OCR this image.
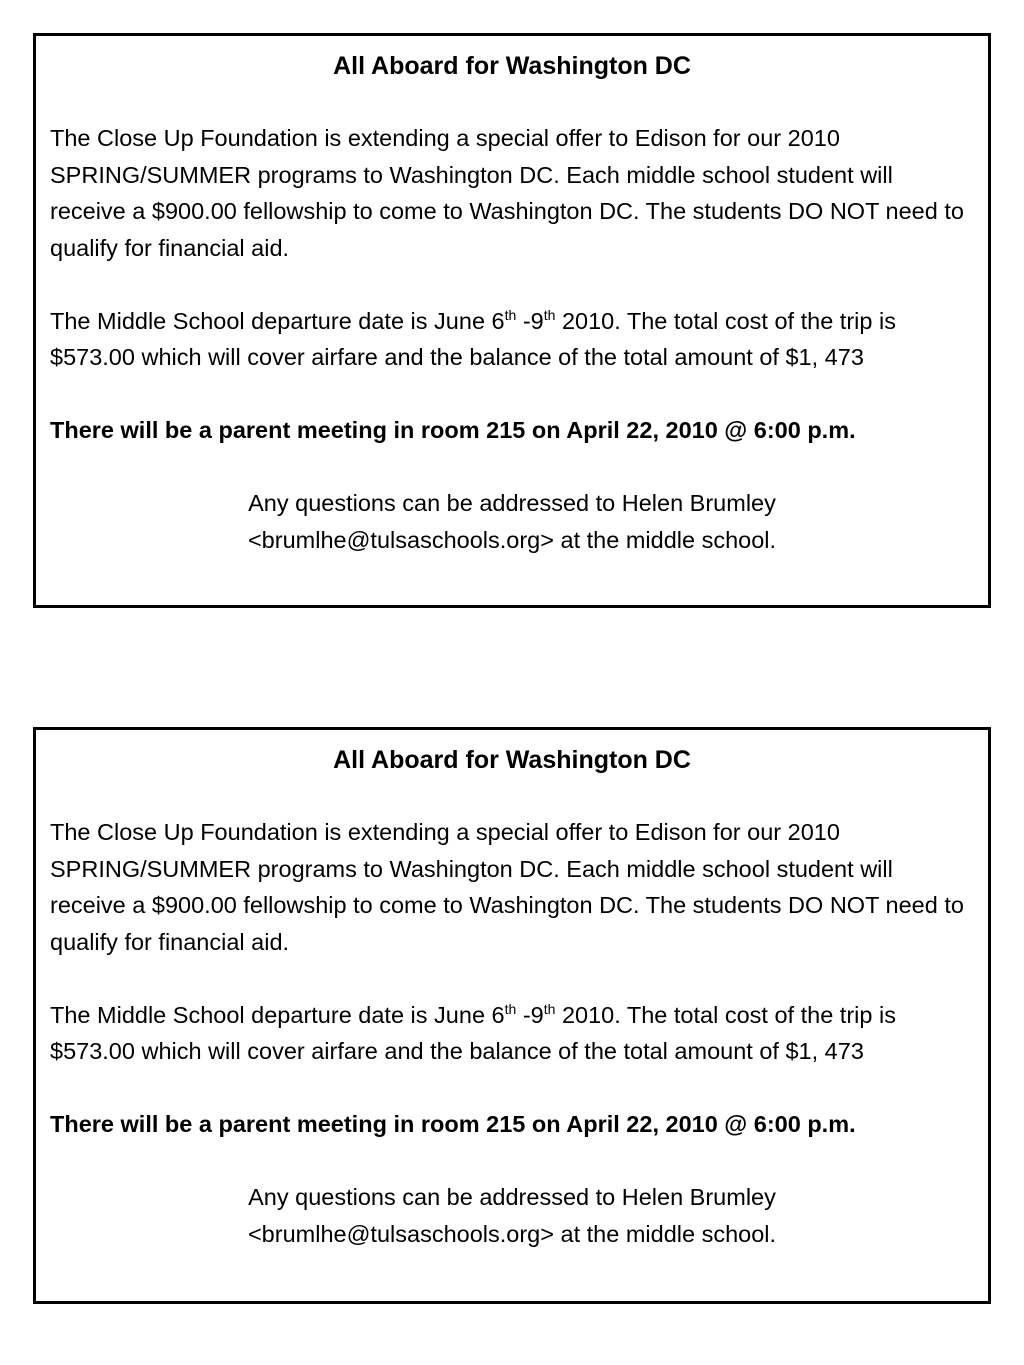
All Aboard for Washington DC

The Close Up Foundation is extending a special offer to Edison for our 2010 SPRING/SUMMER programs to Washington DC. Each middle school student will receive a $900.00 fellowship to come to Washington DC. The students DO NOT need to qualify for financial aid.

The Middle School departure date is June 6th -9th 2010. The total cost of the trip is $573.00 which will cover airfare and the balance of the total amount of $1, 473

There will be a parent meeting in room 215 on April 22, 2010 @ 6:00 p.m.

Any questions can be addressed to Helen Brumley
<brumlhe@tulsaschools.org> at the middle school.

All Aboard for Washington DC

The Close Up Foundation is extending a special offer to Edison for our 2010 SPRING/SUMMER programs to Washington DC. Each middle school student will receive a $900.00 fellowship to come to Washington DC. The students DO NOT need to qualify for financial aid.

The Middle School departure date is June 6th -9th 2010. The total cost of the trip is $573.00 which will cover airfare and the balance of the total amount of $1, 473

There will be a parent meeting in room 215 on April 22, 2010 @ 6:00 p.m.

Any questions can be addressed to Helen Brumley
<brumlhe@tulsaschools.org> at the middle school.
